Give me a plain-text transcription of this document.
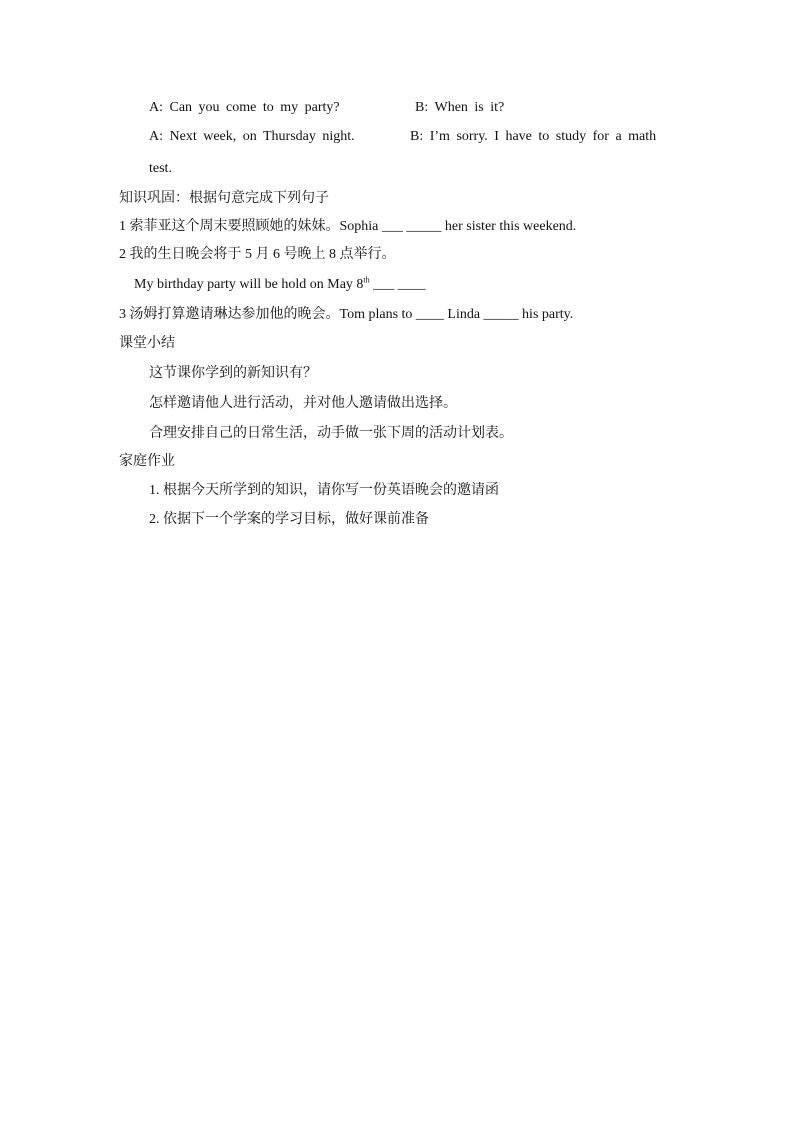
A: Can you come to my party?	B: When is it?
A: Next week, on Thursday night.	B: I’m sorry. I have to study for a math
test.
知识巩固：根据句意完成下列句子
1 索菲亚这个周末要照顾她的妹妹。Sophia ___ _____ her sister this weekend.
2 我的生日晚会将于 5 月 6 号晚上 8 点举行。
My birthday party will be hold on May 8th ___ ____
3 汤姆打算邀请琳达参加他的晚会。Tom plans to ____ Linda _____ his party.
课堂小结
这节课你学到的新知识有？
怎样邀请他人进行活动，并对他人邀请做出选择。
合理安排自己的日常生活，动手做一张下周的活动计划表。
家庭作业
1. 根据今天所学到的知识，请你写一份英语晚会的邀请函
2. 依据下一个学案的学习目标，做好课前准备
